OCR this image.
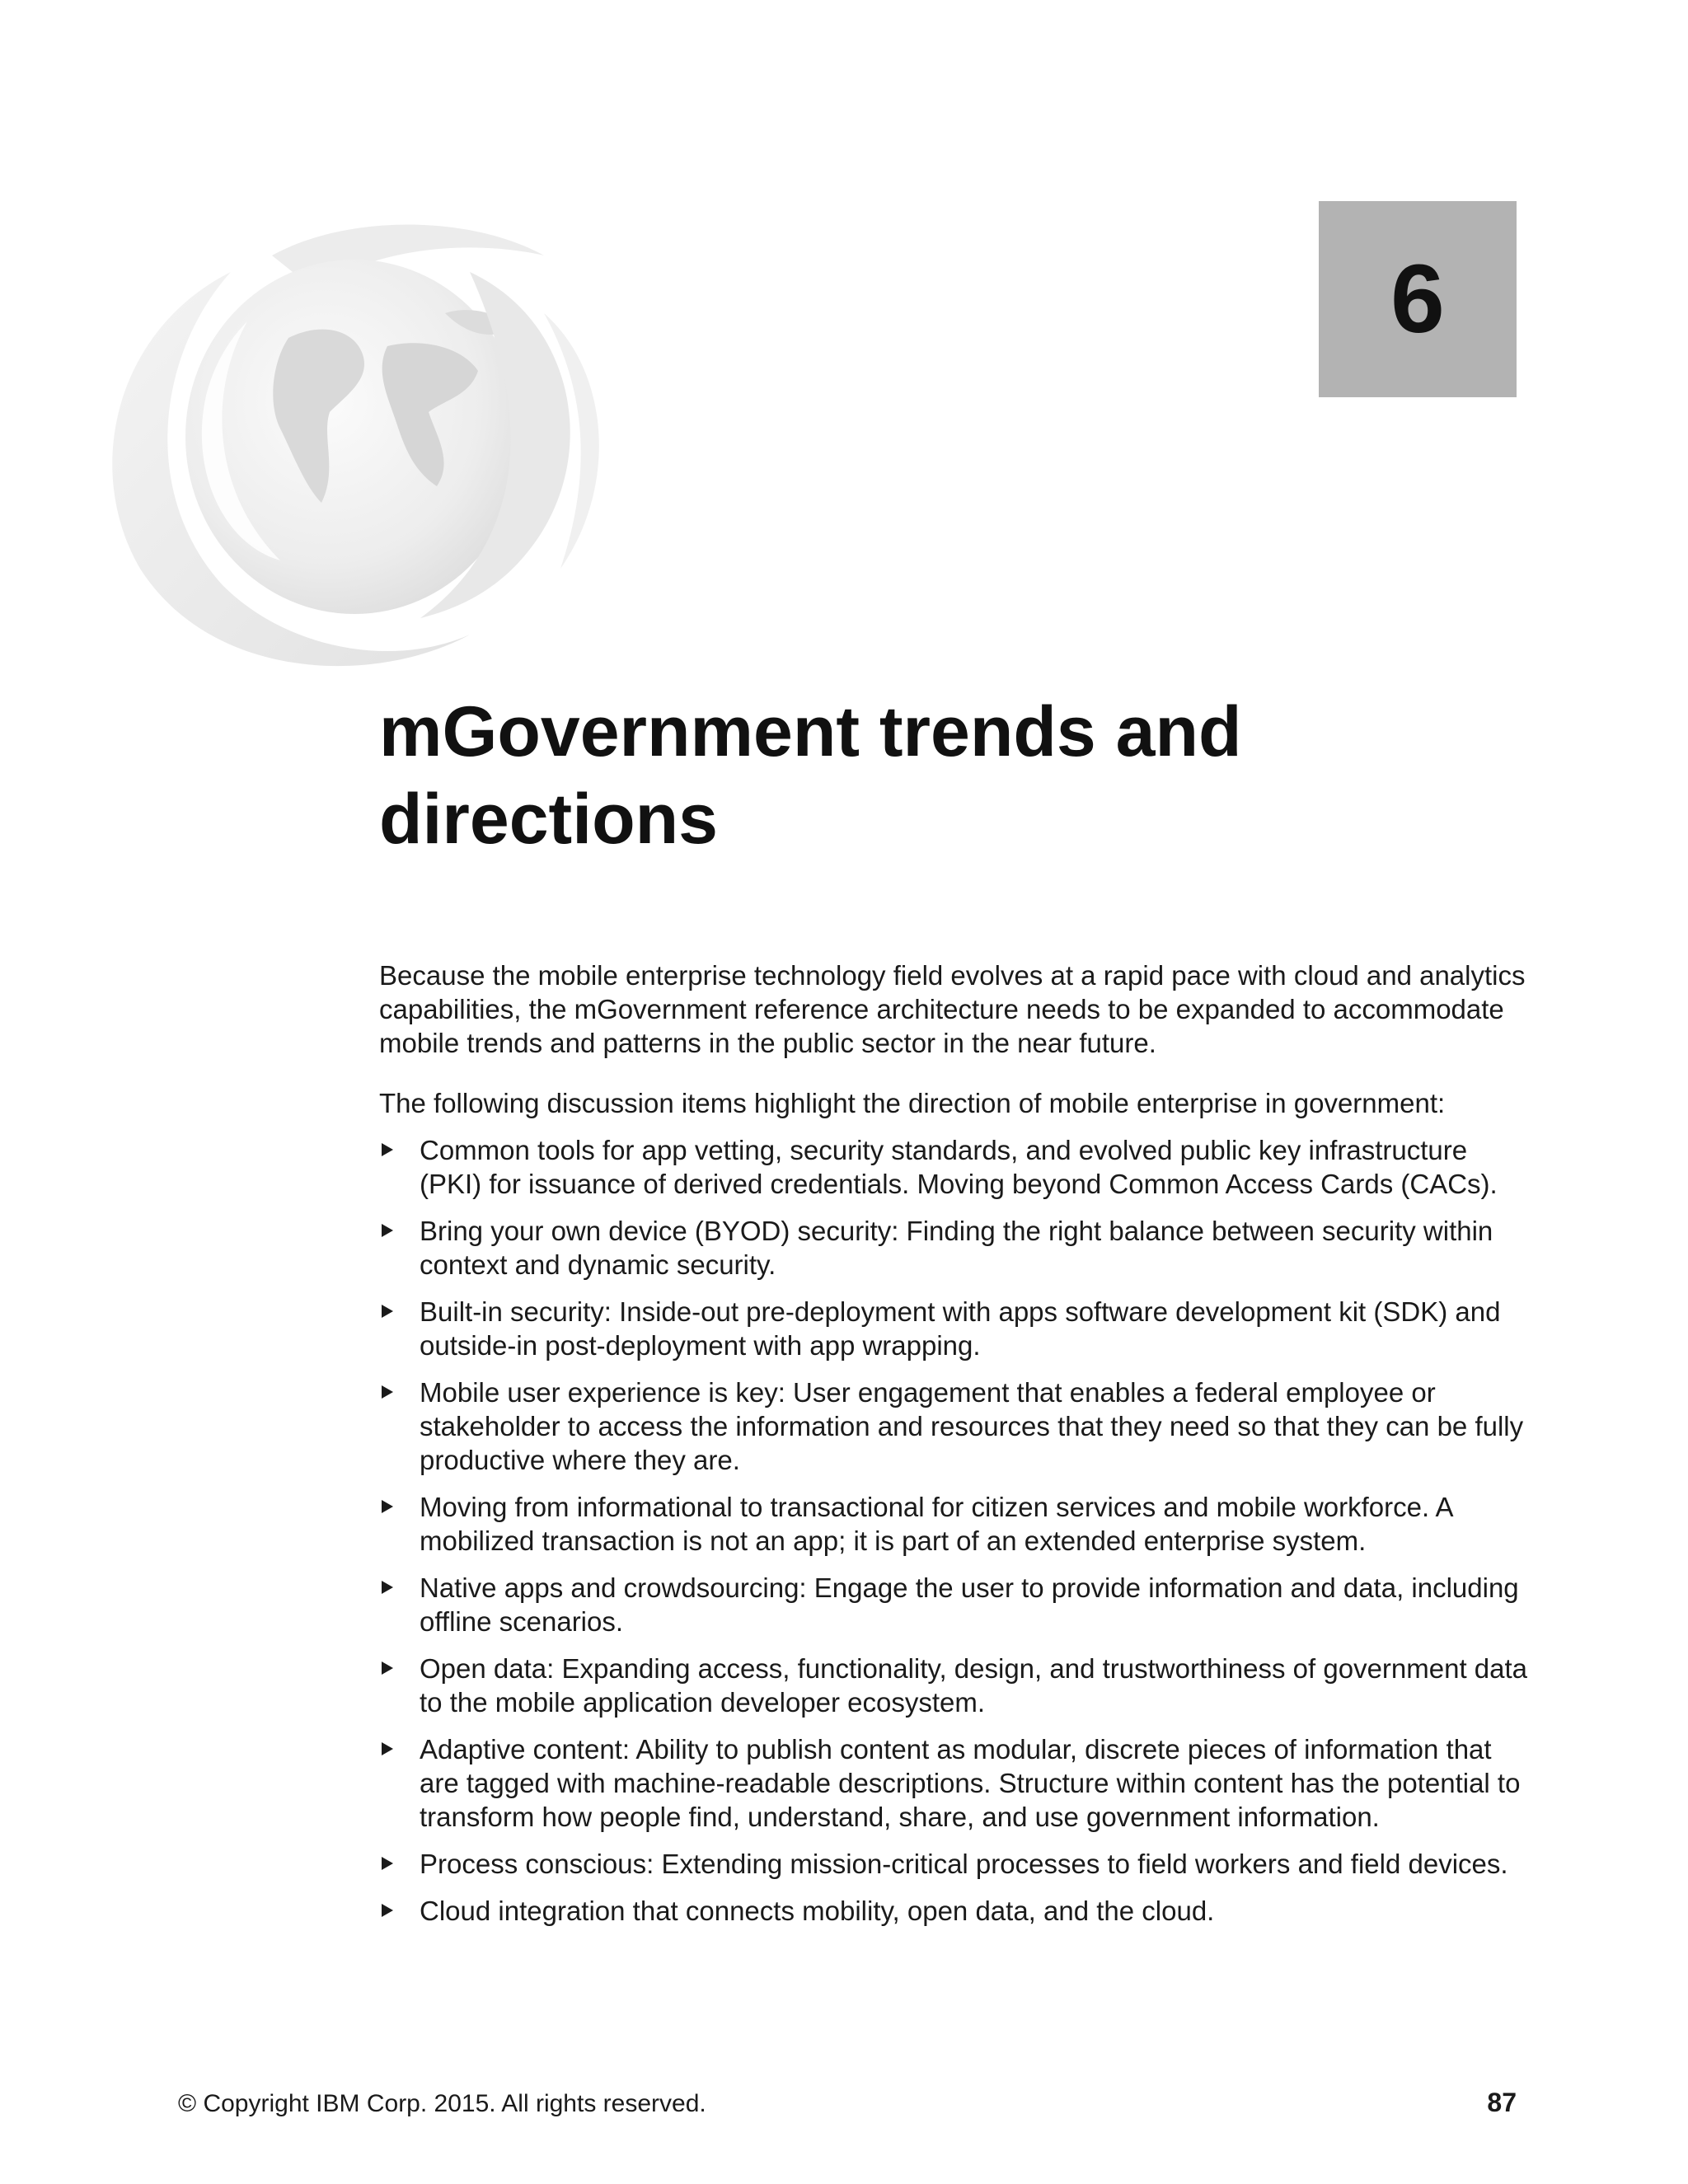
6
mGovernment trends and directions

Because the mobile enterprise technology field evolves at a rapid pace with cloud and analytics capabilities, the mGovernment reference architecture needs to be expanded to accommodate mobile trends and patterns in the public sector in the near future.

The following discussion items highlight the direction of mobile enterprise in government:

Common tools for app vetting, security standards, and evolved public key infrastructure (PKI) for issuance of derived credentials. Moving beyond Common Access Cards (CACs).
Bring your own device (BYOD) security: Finding the right balance between security within context and dynamic security.
Built-in security: Inside-out pre-deployment with apps software development kit (SDK) and outside-in post-deployment with app wrapping.
Mobile user experience is key: User engagement that enables a federal employee or stakeholder to access the information and resources that they need so that they can be fully productive where they are.
Moving from informational to transactional for citizen services and mobile workforce. A mobilized transaction is not an app; it is part of an extended enterprise system.
Native apps and crowdsourcing: Engage the user to provide information and data, including offline scenarios.
Open data: Expanding access, functionality, design, and trustworthiness of government data to the mobile application developer ecosystem.
Adaptive content: Ability to publish content as modular, discrete pieces of information that are tagged with machine-readable descriptions. Structure within content has the potential to transform how people find, understand, share, and use government information.
Process conscious: Extending mission-critical processes to field workers and field devices.
Cloud integration that connects mobility, open data, and the cloud.
© Copyright IBM Corp. 2015. All rights reserved.	87
